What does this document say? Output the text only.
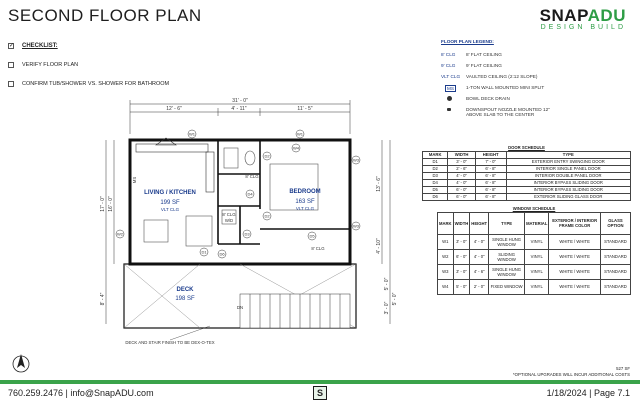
SECOND FLOOR PLAN	SNAPADU
DESIGN BUILD
✓ CHECKLIST:
VERIFY FLOOR PLAN
CONFIRM TUB/SHOWER VS. SHOWER FOR BATHROOM
FLOOR PLAN LEGEND:
8' CLG	8' FLAT CEILING
9' CLG	9' FLAT CEILING
VLT CLG	VAULTED CEILING (2:12 SLOPE)
MS	1-TON WALL MOUNTED MINI SPLIT
BOWL DECK DRAIN
DOWNSPOUT NOZZLE MOUNTED 12" ABOVE SLAB TO THE CENTER
DOOR SCHEDULE			
MARK	WIDTH	HEIGHT	TYPE
D1	3' - 0"	7' - 0"	EXTERIOR ENTRY SWINGING DOOR
D2	2' - 6"	6' - 8"	INTERIOR SINGLE PANEL DOOR
D3	4' - 0"	6' - 8"	INTERIOR DOUBLE PANEL DOOR
D4	4' - 0"	6' - 8"	INTERIOR BYPASS SLIDING DOOR
D5	6' - 0"	6' - 8"	INTERIOR BYPASS SLIDING DOOR
D6	6' - 0"	6' - 8"	EXTERIOR SLIDING GLASS DOOR
WINDOW SCHEDULE						
MARK	WIDTH	HEIGHT	TYPE	MATERIAL	EXTERIOR / INTERIOR FRAME COLOR	GLASS OPTION
W1	3' - 0"	4' - 0"	SINGLE HUNG WINDOW	VINYL	WHITE / WHITE	STANDARD
W2	6' - 0"	4' - 0"	SLIDING WINDOW	VINYL	WHITE / WHITE	STANDARD
W3	3' - 0"	4' - 6"	SINGLE HUNG WINDOW	VINYL	WHITE / WHITE	STANDARD
W4	5' - 0"	2' - 0"	FIXED WINDOW	VINYL	WHITE / WHITE	STANDARD
31' - 0"
12' - 6"	4' - 11"	11' - 5"
17' - 0" 16' - 0"
8' - 4"
13' - 6"
4' - 10"
5' - 0"
3' - 0"
5' - 0"
LIVING / KITCHEN
199 SF
VLT CLG
BEDROOM
163 SF
VLT CLG
DECK
198 SF
8' CLG
8' CLG
8' CLG
W/D
MS
DN
W1	W1
W2
W3
W3
W4
D1
D2
D2
D3
D4
D5
D6
DECK AND STAIR FINISH TO BE DEX-O-TEX
527 SF
*OPTIONAL UPGRADES WILL INCUR ADDITIONAL COSTS
760.259.2476 | info@SnapADU.com	S	1/18/2024 | Page 7.1
